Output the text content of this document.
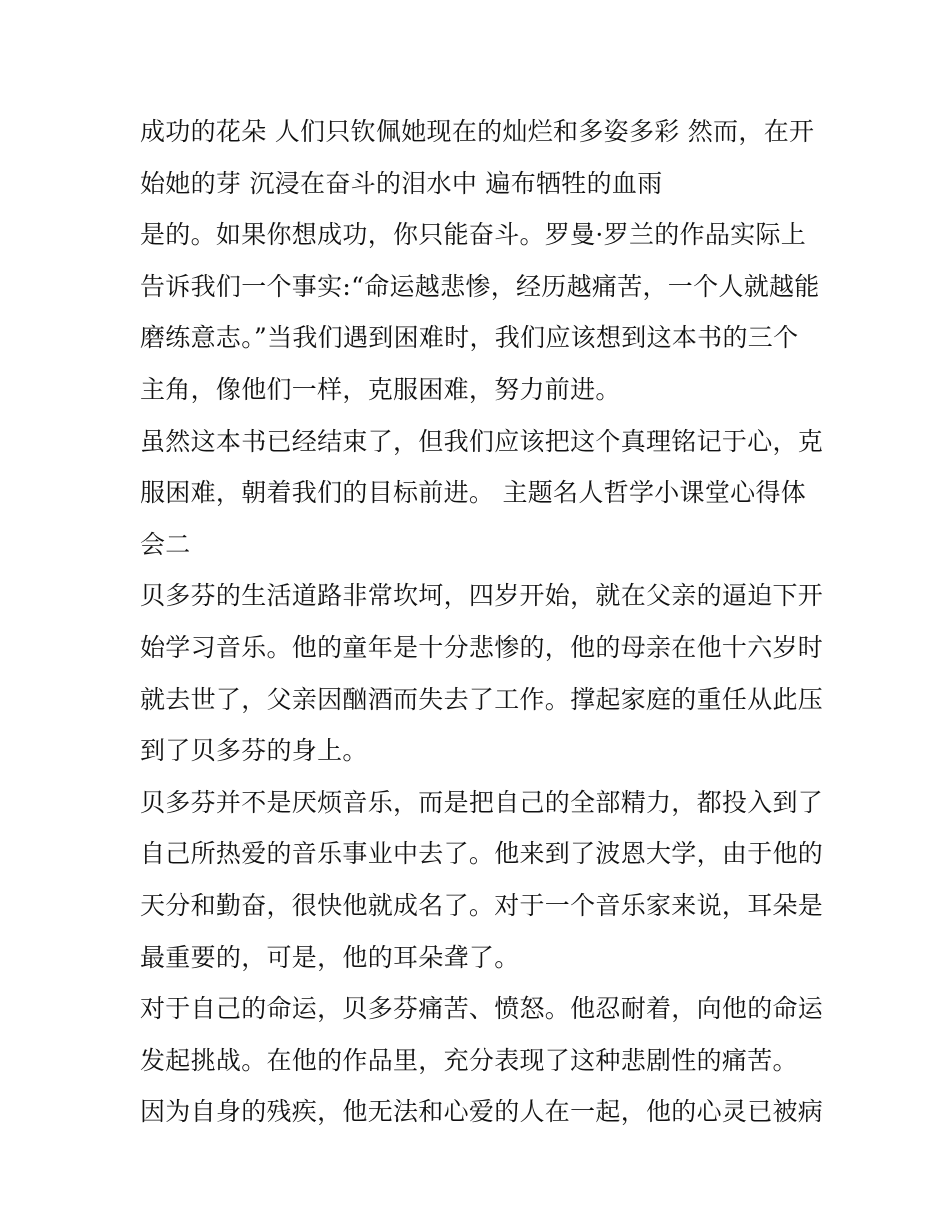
成功的花朵 人们只钦佩她现在的灿烂和多姿多彩 然而，在开
始她的芽 沉浸在奋斗的泪水中 遍布牺牲的血雨
是的。如果你想成功，你只能奋斗。罗曼·罗兰的作品实际上
告诉我们一个事实:“命运越悲惨，经历越痛苦，一个人就越能
磨练意志。”当我们遇到困难时，我们应该想到这本书的三个
主角，像他们一样，克服困难，努力前进。
虽然这本书已经结束了，但我们应该把这个真理铭记于心，克
服困难，朝着我们的目标前进。 主题名人哲学小课堂心得体
会二
贝多芬的生活道路非常坎坷，四岁开始，就在父亲的逼迫下开
始学习音乐。他的童年是十分悲惨的，他的母亲在他十六岁时
就去世了，父亲因酗酒而失去了工作。撑起家庭的重任从此压
到了贝多芬的身上。
贝多芬并不是厌烦音乐，而是把自己的全部精力，都投入到了
自己所热爱的音乐事业中去了。他来到了波恩大学，由于他的
天分和勤奋，很快他就成名了。对于一个音乐家来说，耳朵是
最重要的，可是，他的耳朵聋了。
对于自己的命运，贝多芬痛苦、愤怒。他忍耐着，向他的命运
发起挑战。在他的作品里，充分表现了这种悲剧性的痛苦。
因为自身的残疾，他无法和心爱的人在一起，他的心灵已被病
